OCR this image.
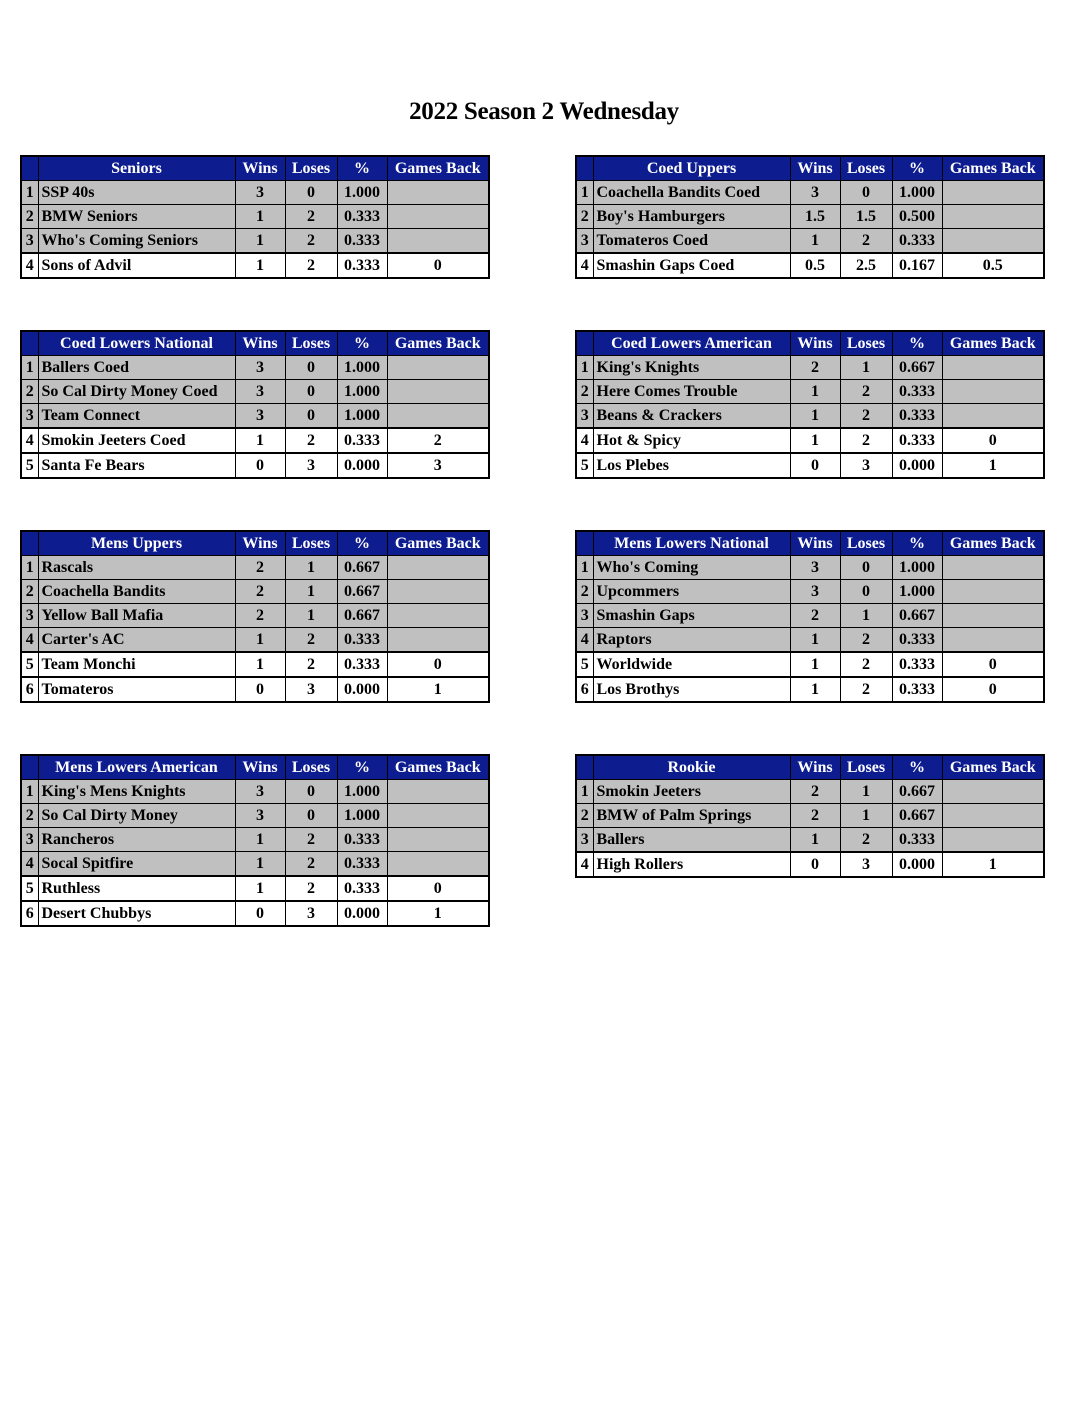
2022 Season 2 Wednesday
	Seniors	Wins	Loses	%	Games Back
1	SSP 40s	3	0	1.000	
2	BMW Seniors	1	2	0.333	
3	Who's Coming Seniors	1	2	0.333	
4	Sons of Advil	1	2	0.333	0
	Coed Uppers	Wins	Loses	%	Games Back
1	Coachella Bandits Coed	3	0	1.000	
2	Boy's Hamburgers	1.5	1.5	0.500	
3	Tomateros Coed	1	2	0.333	
4	Smashin Gaps Coed	0.5	2.5	0.167	0.5
	Coed Lowers National	Wins	Loses	%	Games Back
1	Ballers Coed	3	0	1.000	
2	So Cal Dirty Money Coed	3	0	1.000	
3	Team Connect	3	0	1.000	
4	Smokin Jeeters Coed	1	2	0.333	2
5	Santa Fe Bears	0	3	0.000	3
	Coed Lowers American	Wins	Loses	%	Games Back
1	King's Knights	2	1	0.667	
2	Here Comes Trouble	1	2	0.333	
3	Beans & Crackers	1	2	0.333	
4	Hot & Spicy	1	2	0.333	0
5	Los Plebes	0	3	0.000	1
	Mens Uppers	Wins	Loses	%	Games Back
1	Rascals	2	1	0.667	
2	Coachella Bandits	2	1	0.667	
3	Yellow Ball Mafia	2	1	0.667	
4	Carter's AC	1	2	0.333	
5	Team Monchi	1	2	0.333	0
6	Tomateros	0	3	0.000	1
	Mens Lowers National	Wins	Loses	%	Games Back
1	Who's Coming	3	0	1.000	
2	Upcommers	3	0	1.000	
3	Smashin Gaps	2	1	0.667	
4	Raptors	1	2	0.333	
5	Worldwide	1	2	0.333	0
6	Los Brothys	1	2	0.333	0
	Mens Lowers American	Wins	Loses	%	Games Back
1	King's Mens Knights	3	0	1.000	
2	So Cal Dirty Money	3	0	1.000	
3	Rancheros	1	2	0.333	
4	Socal Spitfire	1	2	0.333	
5	Ruthless	1	2	0.333	0
6	Desert Chubbys	0	3	0.000	1
	Rookie	Wins	Loses	%	Games Back
1	Smokin Jeeters	2	1	0.667	
2	BMW of Palm Springs	2	1	0.667	
3	Ballers	1	2	0.333	
4	High Rollers	0	3	0.000	1
